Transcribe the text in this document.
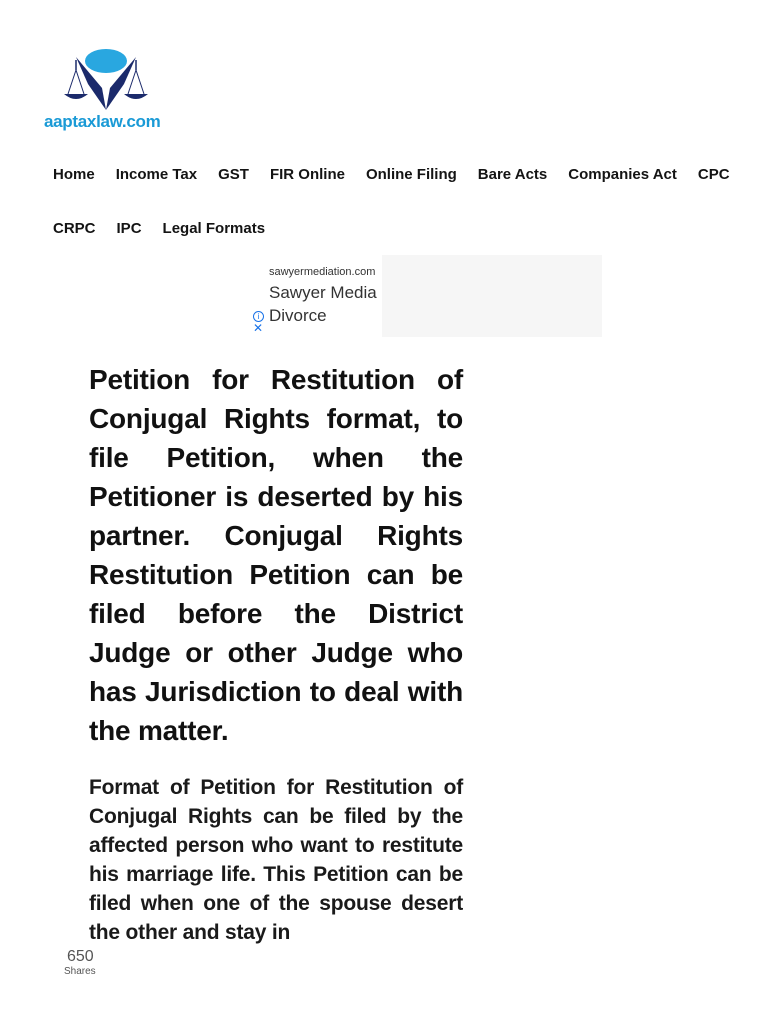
aaptaxlaw.com
Home Income Tax GST FIR Online Online Filing Bare Acts Companies Act CPC
CRPC IPC Legal Formats
sawyermediation.com
Sawyer Media
Divorce
i
✕
Petition for Restitution of Conjugal Rights format, to file Petition, when the Petitioner is deserted by his partner. Conjugal Rights Restitution Petition can be filed before the District Judge or other Judge who has Jurisdiction to deal with the matter.

Format of Petition for Restitution of Conjugal Rights can be filed by the affected person who want to restitute his marriage life. This Petition can be filed when one of the spouse desert the other and stay in

650
Shares
